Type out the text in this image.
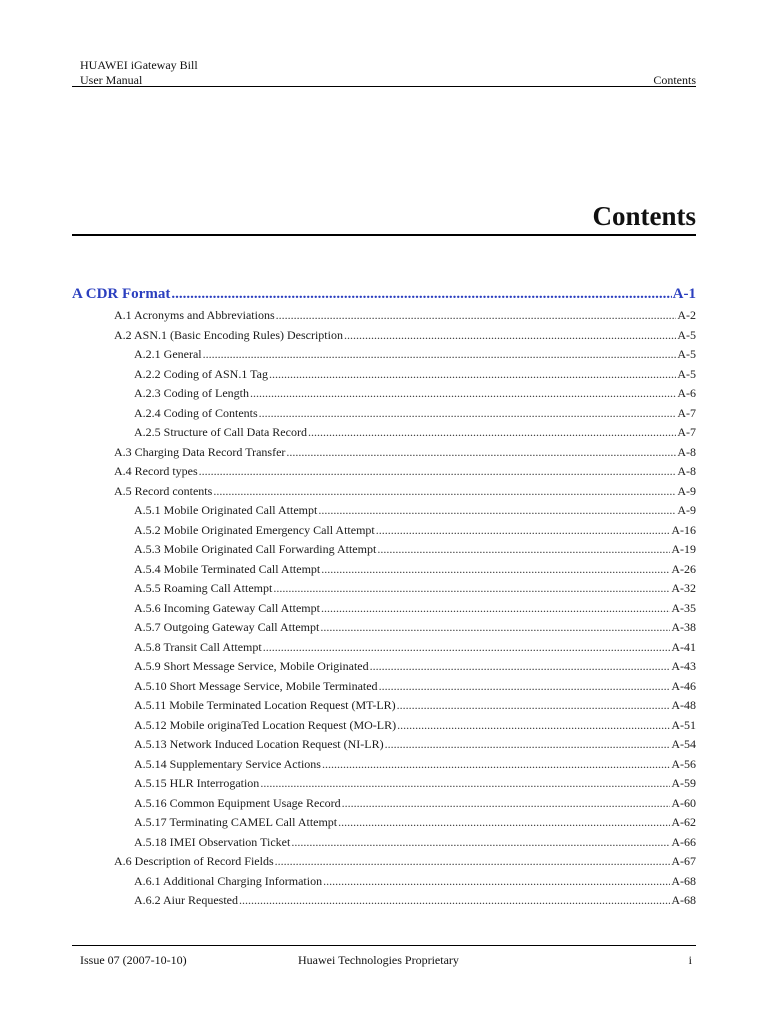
HUAWEI iGateway Bill
User Manual	Contents
Contents
A CDR Format .....	A-1
A.1 Acronyms and Abbreviations .....	A-2
A.2 ASN.1 (Basic Encoding Rules) Description .....	A-5
A.2.1 General .....	A-5
A.2.2 Coding of ASN.1 Tag .....	A-5
A.2.3 Coding of Length .....	A-6
A.2.4 Coding of Contents .....	A-7
A.2.5 Structure of Call Data Record .....	A-7
A.3 Charging Data Record Transfer .....	A-8
A.4 Record types .....	A-8
A.5 Record contents .....	A-9
A.5.1 Mobile Originated Call Attempt .....	A-9
A.5.2 Mobile Originated Emergency Call Attempt .....	A-16
A.5.3 Mobile Originated Call Forwarding Attempt .....	A-19
A.5.4 Mobile Terminated Call Attempt .....	A-26
A.5.5 Roaming Call Attempt .....	A-32
A.5.6 Incoming Gateway Call Attempt .....	A-35
A.5.7 Outgoing Gateway Call Attempt .....	A-38
A.5.8 Transit Call Attempt .....	A-41
A.5.9 Short Message Service, Mobile Originated .....	A-43
A.5.10 Short Message Service, Mobile Terminated .....	A-46
A.5.11 Mobile Terminated Location Request (MT-LR) .....	A-48
A.5.12 Mobile originaTed Location Request (MO-LR) .....	A-51
A.5.13 Network Induced Location Request (NI-LR) .....	A-54
A.5.14 Supplementary Service Actions .....	A-56
A.5.15 HLR Interrogation .....	A-59
A.5.16 Common Equipment Usage Record .....	A-60
A.5.17 Terminating CAMEL Call Attempt .....	A-62
A.5.18 IMEI Observation Ticket .....	A-66
A.6 Description of Record Fields .....	A-67
A.6.1 Additional Charging Information .....	A-68
A.6.2 Aiur Requested .....	A-68
Issue 07 (2007-10-10)	Huawei Technologies Proprietary	i
